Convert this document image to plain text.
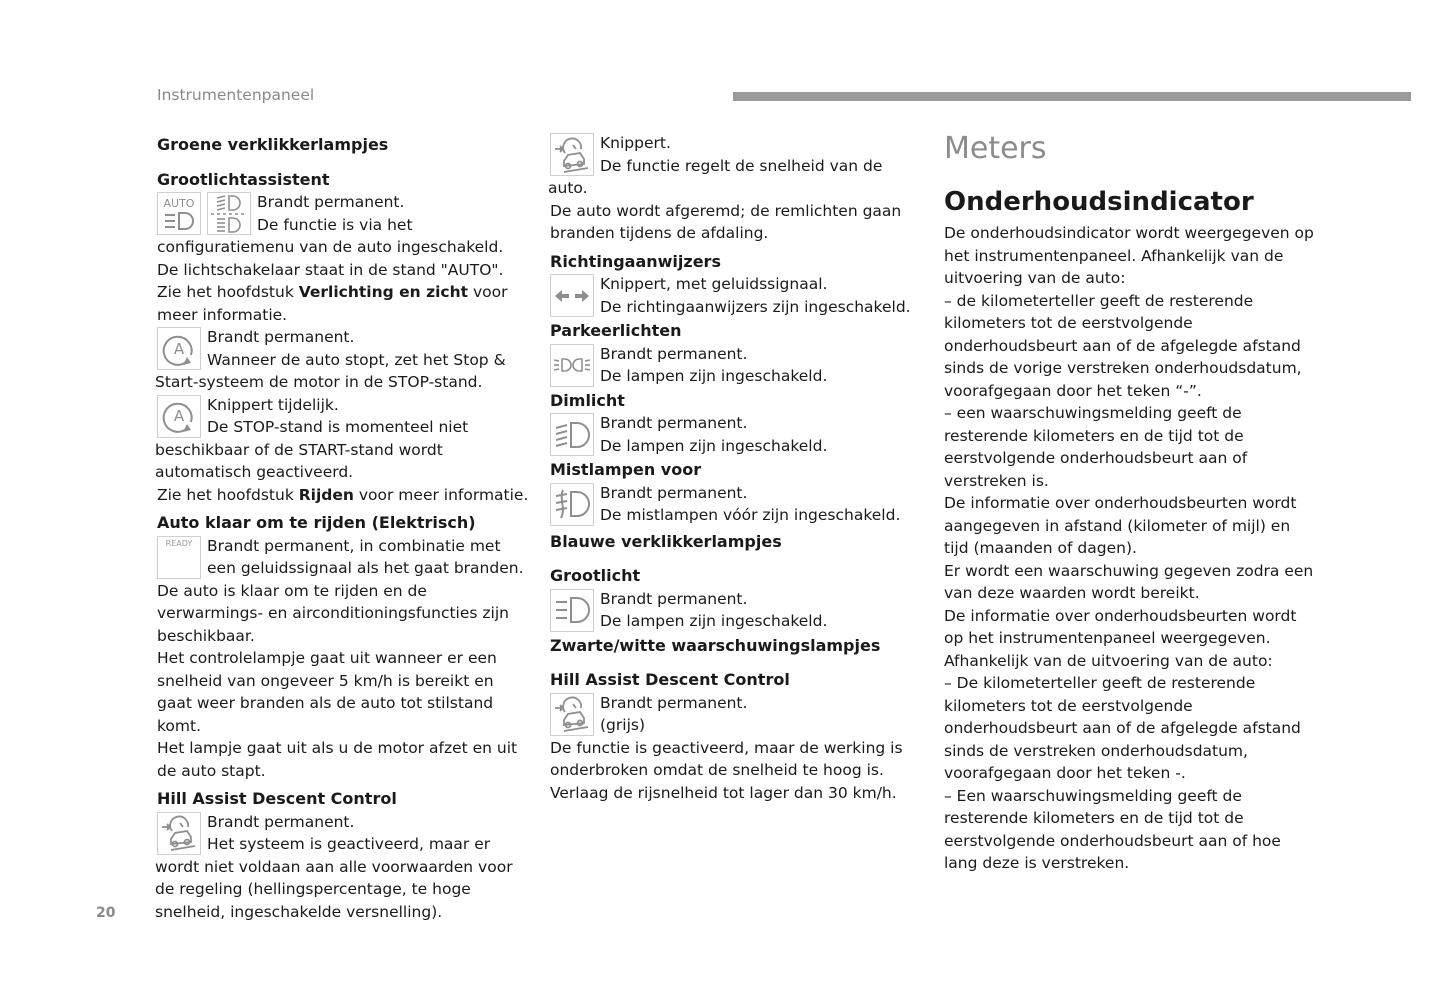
Instrumentenpaneel
20
Groene verklikkerlampjes
Grootlichtassistent
AUTO	Brandt permanent.
De functie is via het configuratiemenu van de auto ingeschakeld.
De lichtschakelaar staat in de stand "AUTO".
Zie het hoofdstuk Verlichting en zicht voor meer informatie.
A
Brandt permanent.
Wanneer de auto stopt, zet het Stop & Start-systeem de motor in de STOP-stand.
A
Knippert tijdelijk.
De STOP-stand is momenteel niet beschikbaar of de START-stand wordt automatisch geactiveerd.
Zie het hoofdstuk Rijden voor meer informatie.
Auto klaar om te rijden (Elektrisch)
READY Brandt permanent, in combinatie met een geluidssignaal als het gaat branden.
De auto is klaar om te rijden en de verwarmings- en airconditioningsfuncties zijn beschikbaar.
Het controlelampje gaat uit wanneer er een snelheid van ongeveer 5 km/h is bereikt en gaat weer branden als de auto tot stilstand komt.
Het lampje gaat uit als u de motor afzet en uit de auto stapt.
Hill Assist Descent Control
Brandt permanent.
Het systeem is geactiveerd, maar er wordt niet voldaan aan alle voorwaarden voor de regeling (hellingspercentage, te hoge snelheid, ingeschakelde versnelling).
Knippert.
De functie regelt de snelheid van de auto.
De auto wordt afgeremd; de remlichten gaan branden tijdens de afdaling.
Richtingaanwijzers
Knippert, met geluidssignaal.
De richtingaanwijzers zijn ingeschakeld.
Parkeerlichten
Brandt permanent.
De lampen zijn ingeschakeld.
Dimlicht
Brandt permanent.
De lampen zijn ingeschakeld.
Mistlampen voor
Brandt permanent.
De mistlampen vóór zijn ingeschakeld.
Blauwe verklikkerlampjes
Grootlicht
Brandt permanent.
De lampen zijn ingeschakeld.
Zwarte/witte waarschuwingslampjes
Hill Assist Descent Control
Brandt permanent.
(grijs)
De functie is geactiveerd, maar de werking is onderbroken omdat de snelheid te hoog is.
Verlaag de rijsnelheid tot lager dan 30 km/h.
Meters
Onderhoudsindicator
De onderhoudsindicator wordt weergegeven op het instrumentenpaneel. Afhankelijk van de uitvoering van de auto:
– de kilometerteller geeft de resterende kilometers tot de eerstvolgende onderhoudsbeurt aan of de afgelegde afstand sinds de vorige verstreken onderhoudsdatum, voorafgegaan door het teken “-”.
– een waarschuwingsmelding geeft de resterende kilometers en de tijd tot de eerstvolgende onderhoudsbeurt aan of verstreken is.
De informatie over onderhoudsbeurten wordt aangegeven in afstand (kilometer of mijl) en tijd (maanden of dagen).
Er wordt een waarschuwing gegeven zodra een van deze waarden wordt bereikt.
De informatie over onderhoudsbeurten wordt op het instrumentenpaneel weergegeven.
Afhankelijk van de uitvoering van de auto:
– De kilometerteller geeft de resterende kilometers tot de eerstvolgende onderhoudsbeurt aan of de afgelegde afstand sinds de verstreken onderhoudsdatum, voorafgegaan door het teken -.
– Een waarschuwingsmelding geeft de resterende kilometers en de tijd tot de eerstvolgende onderhoudsbeurt aan of hoe lang deze is verstreken.
